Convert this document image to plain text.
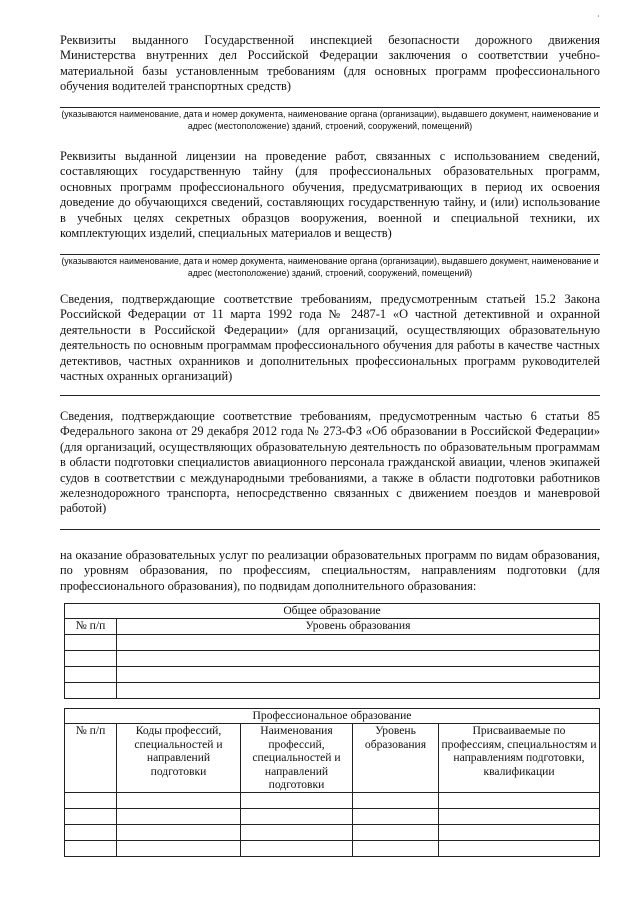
·

Реквизиты выданного Государственной инспекцией безопасности дорожного движения Министерства внутренних дел Российской Федерации заключения о соответствии учебно-материальной базы установленным требованиям (для основных программ профессионального обучения водителей транспортных средств)

(указываются наименование, дата и номер документа, наименование органа (организации), выдавшего документ, наименование и адрес (местоположение) зданий, строений, сооружений, помещений)

Реквизиты выданной лицензии на проведение работ, связанных с использованием сведений, составляющих государственную тайну (для профессиональных образовательных программ, основных программ профессионального обучения, предусматривающих в период их освоения доведение до обучающихся сведений, составляющих государственную тайну, и (или) использование в учебных целях секретных образцов вооружения, военной и специальной техники, их комплектующих изделий, специальных материалов и веществ)

(указываются наименование, дата и номер документа, наименование органа (организации), выдавшего документ, наименование и адрес (местоположение) зданий, строений, сооружений, помещений)

Сведения, подтверждающие соответствие требованиям, предусмотренным статьей 15.2 Закона Российской Федерации от 11 марта 1992 года № 2487-1 «О частной детективной и охранной деятельности в Российской Федерации» (для организаций, осуществляющих образовательную деятельность по основным программам профессионального обучения для работы в качестве частных детективов, частных охранников и дополнительных профессиональных программ руководителей частных охранных организаций)

Сведения, подтверждающие соответствие требованиям, предусмотренным частью 6 статьи 85 Федерального закона от 29 декабря 2012 года № 273-ФЗ «Об образовании в Российской Федерации» (для организаций, осуществляющих образовательную деятельность по образовательным программам в области подготовки специалистов авиационного персонала гражданской авиации, членов экипажей судов в соответствии с международными требованиями, а также в области подготовки работников железнодорожного транспорта, непосредственно связанных с движением поездов и маневровой работой)

на оказание образовательных услуг по реализации образовательных программ по видам образования, по уровням образования, по профессиям, специальностям, направлениям подготовки (для профессионального образования), по подвидам дополнительного образования:

Общее образование	
№ п/п	Уровень образования

Профессиональное образование				
№ п/п	Коды профессий, специальностей и направлений подготовки	Наименования профессий, специальностей и направлений подготовки	Уровень образования	Присваиваемые по профессиям, специальностям и направлениям подготовки, квалификации
